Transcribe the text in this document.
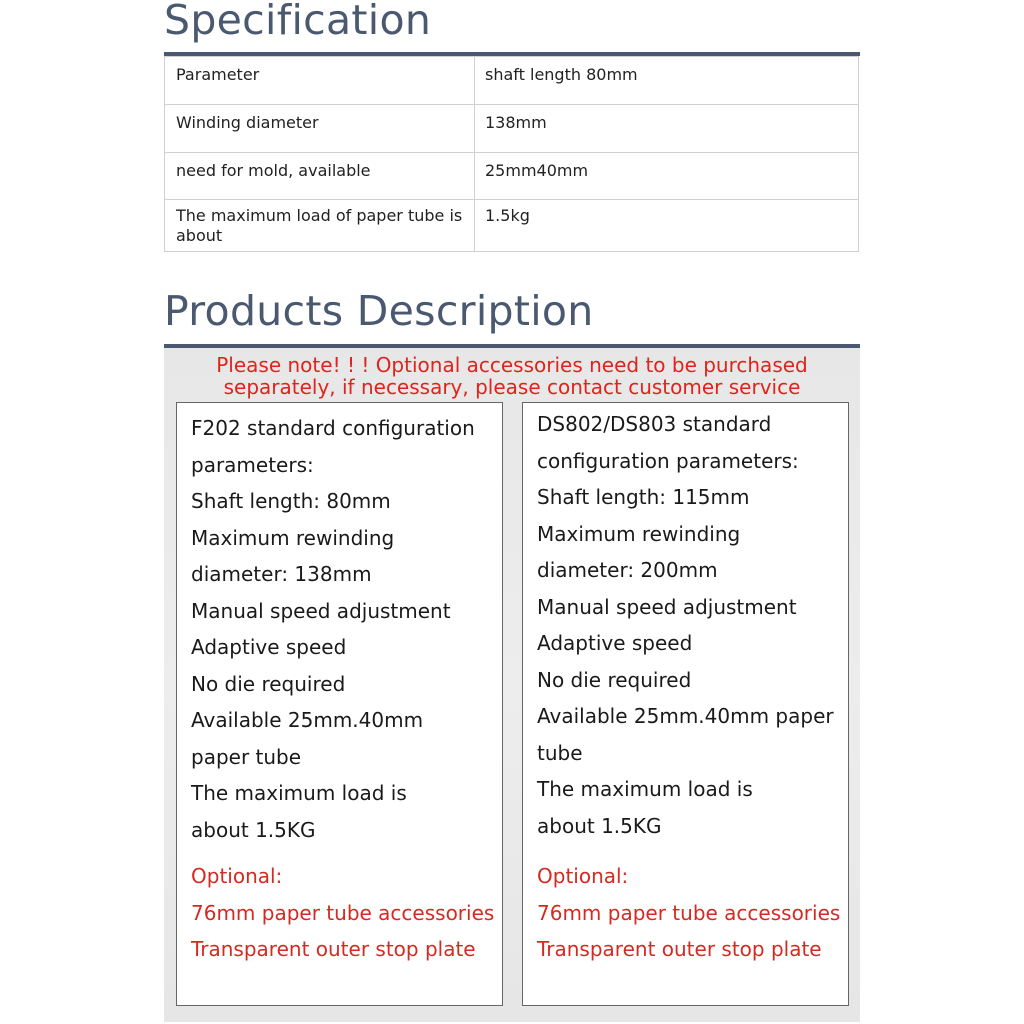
Specification
Parameter	shaft length 80mm
Winding diameter	138mm
need for mold, available	25mm40mm
The maximum load of paper tube is about	1.5kg
Products Description
Please note! ! ! Optional accessories need to be purchased
separately, if necessary, please contact customer service
F202 standard configuration
parameters:
Shaft length: 80mm
Maximum rewinding
diameter: 138mm
Manual speed adjustment
Adaptive speed
No die required
Available 25mm.40mm
paper tube
The maximum load is
about 1.5KG
Optional:
76mm paper tube accessories
Transparent outer stop plate
DS802/DS803 standard
configuration parameters:
Shaft length: 115mm
Maximum rewinding
diameter: 200mm
Manual speed adjustment
Adaptive speed
No die required
Available 25mm.40mm paper
tube
The maximum load is
about 1.5KG
Optional:
76mm paper tube accessories
Transparent outer stop plate
